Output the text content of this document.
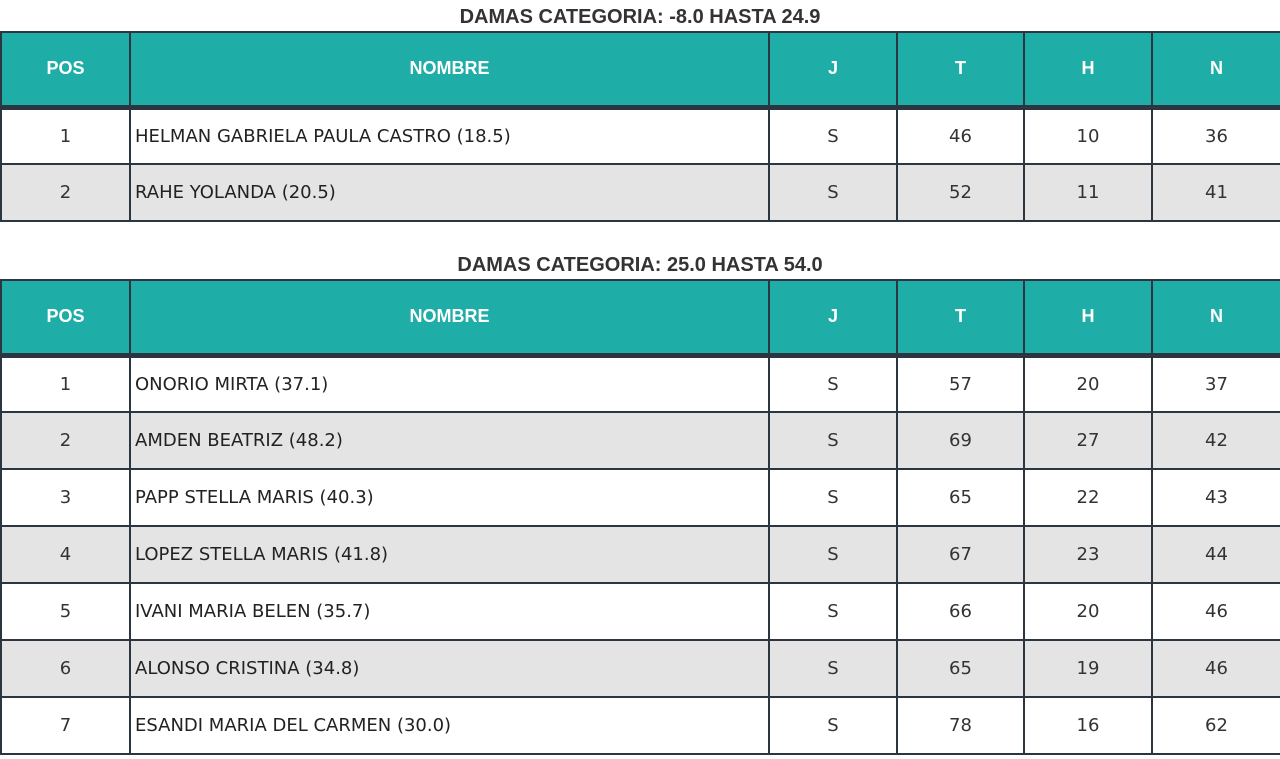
DAMAS CATEGORIA: -8.0 HASTA 24.9
POS	NOMBRE	J	T	H	N
1	HELMAN GABRIELA PAULA CASTRO (18.5)	S	46	10	36
2	RAHE YOLANDA (20.5)	S	52	11	41
DAMAS CATEGORIA: 25.0 HASTA 54.0
POS	NOMBRE	J	T	H	N
1	ONORIO MIRTA (37.1)	S	57	20	37
2	AMDEN BEATRIZ (48.2)	S	69	27	42
3	PAPP STELLA MARIS (40.3)	S	65	22	43
4	LOPEZ STELLA MARIS (41.8)	S	67	23	44
5	IVANI MARIA BELEN (35.7)	S	66	20	46
6	ALONSO CRISTINA (34.8)	S	65	19	46
7	ESANDI MARIA DEL CARMEN (30.0)	S	78	16	62
